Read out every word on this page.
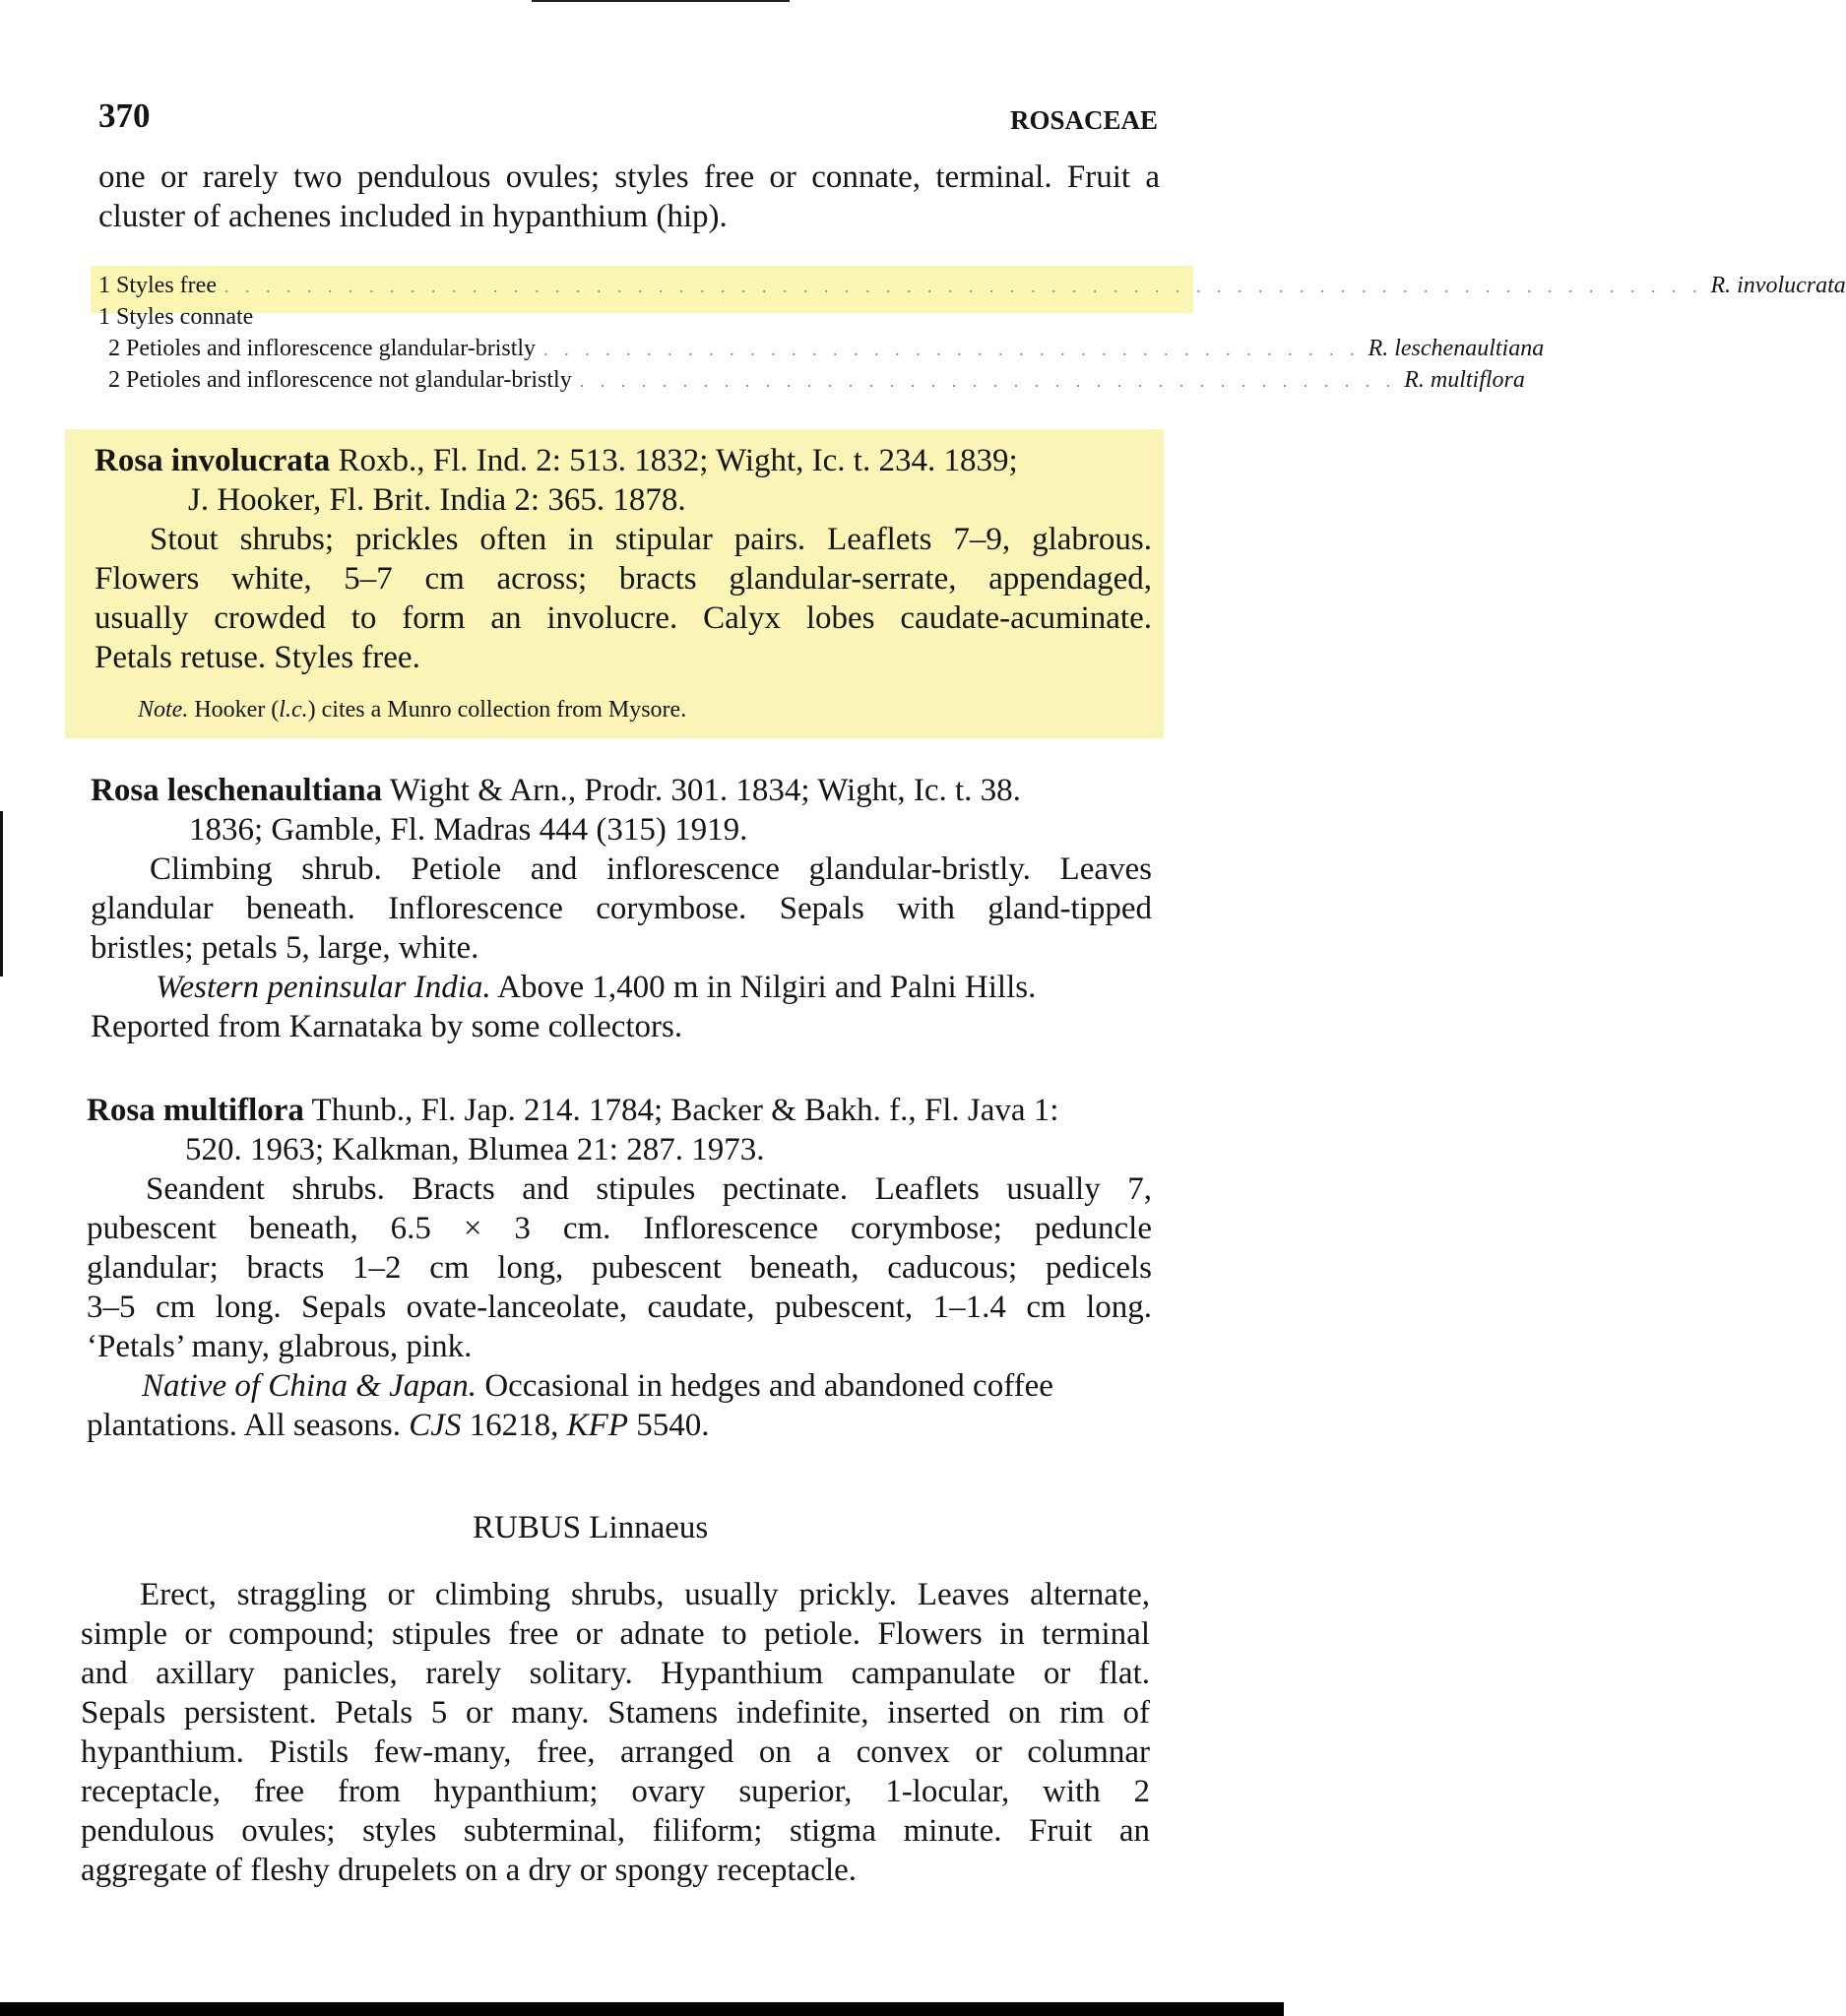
370	ROSACEAE
one or rarely two pendulous ovules; styles free or connate, terminal. Fruit a
cluster of achenes included in hypanthium (hip).
1 Styles free . . . . . . . . . . . . . . . . . . . . . . . . . . . . . . . . . . . . . . . . . . . . . . . . . . . . . . . . . . . . . . . . . . . . . . . . R. involucrata
1 Styles connate
2 Petioles and inflorescence glandular-bristly . . . . . . . . . . . . . . . . . . . . . . . . . . . . . . . . . . . . . . . . R. leschenaultiana
2 Petioles and inflorescence not glandular-bristly . . . . . . . . . . . . . . . . . . . . . . . . . . . . . . . . . . . . . . . . R. multiflora
Rosa involucrata Roxb., Fl. Ind. 2: 513. 1832; Wight, Ic. t. 234. 1839;
J. Hooker, Fl. Brit. India 2: 365. 1878.
Stout shrubs; prickles often in stipular pairs. Leaflets 7–9, glabrous.
Flowers white, 5–7 cm across; bracts glandular-serrate, appendaged,
usually crowded to form an involucre. Calyx lobes caudate-acuminate.
Petals retuse. Styles free.
Note. Hooker (l.c.) cites a Munro collection from Mysore.
Rosa leschenaultiana Wight & Arn., Prodr. 301. 1834; Wight, Ic. t. 38.
1836; Gamble, Fl. Madras 444 (315) 1919.
Climbing shrub. Petiole and inflorescence glandular-bristly. Leaves
glandular beneath. Inflorescence corymbose. Sepals with gland-tipped
bristles; petals 5, large, white.
Western peninsular India. Above 1,400 m in Nilgiri and Palni Hills.
Reported from Karnataka by some collectors.
Rosa multiflora Thunb., Fl. Jap. 214. 1784; Backer & Bakh. f., Fl. Java 1:
520. 1963; Kalkman, Blumea 21: 287. 1973.
Seandent shrubs. Bracts and stipules pectinate. Leaflets usually 7,
pubescent beneath, 6.5 × 3 cm. Inflorescence corymbose; peduncle
glandular; bracts 1–2 cm long, pubescent beneath, caducous; pedicels
3–5 cm long. Sepals ovate-lanceolate, caudate, pubescent, 1–1.4 cm long.
‘Petals’ many, glabrous, pink.
Native of China & Japan. Occasional in hedges and abandoned coffee
plantations. All seasons. CJS 16218, KFP 5540.
RUBUS Linnaeus
Erect, straggling or climbing shrubs, usually prickly. Leaves alternate,
simple or compound; stipules free or adnate to petiole. Flowers in terminal
and axillary panicles, rarely solitary. Hypanthium campanulate or flat.
Sepals persistent. Petals 5 or many. Stamens indefinite, inserted on rim of
hypanthium. Pistils few-many, free, arranged on a convex or columnar
receptacle, free from hypanthium; ovary superior, 1-locular, with 2
pendulous ovules; styles subterminal, filiform; stigma minute. Fruit an
aggregate of fleshy drupelets on a dry or spongy receptacle.
